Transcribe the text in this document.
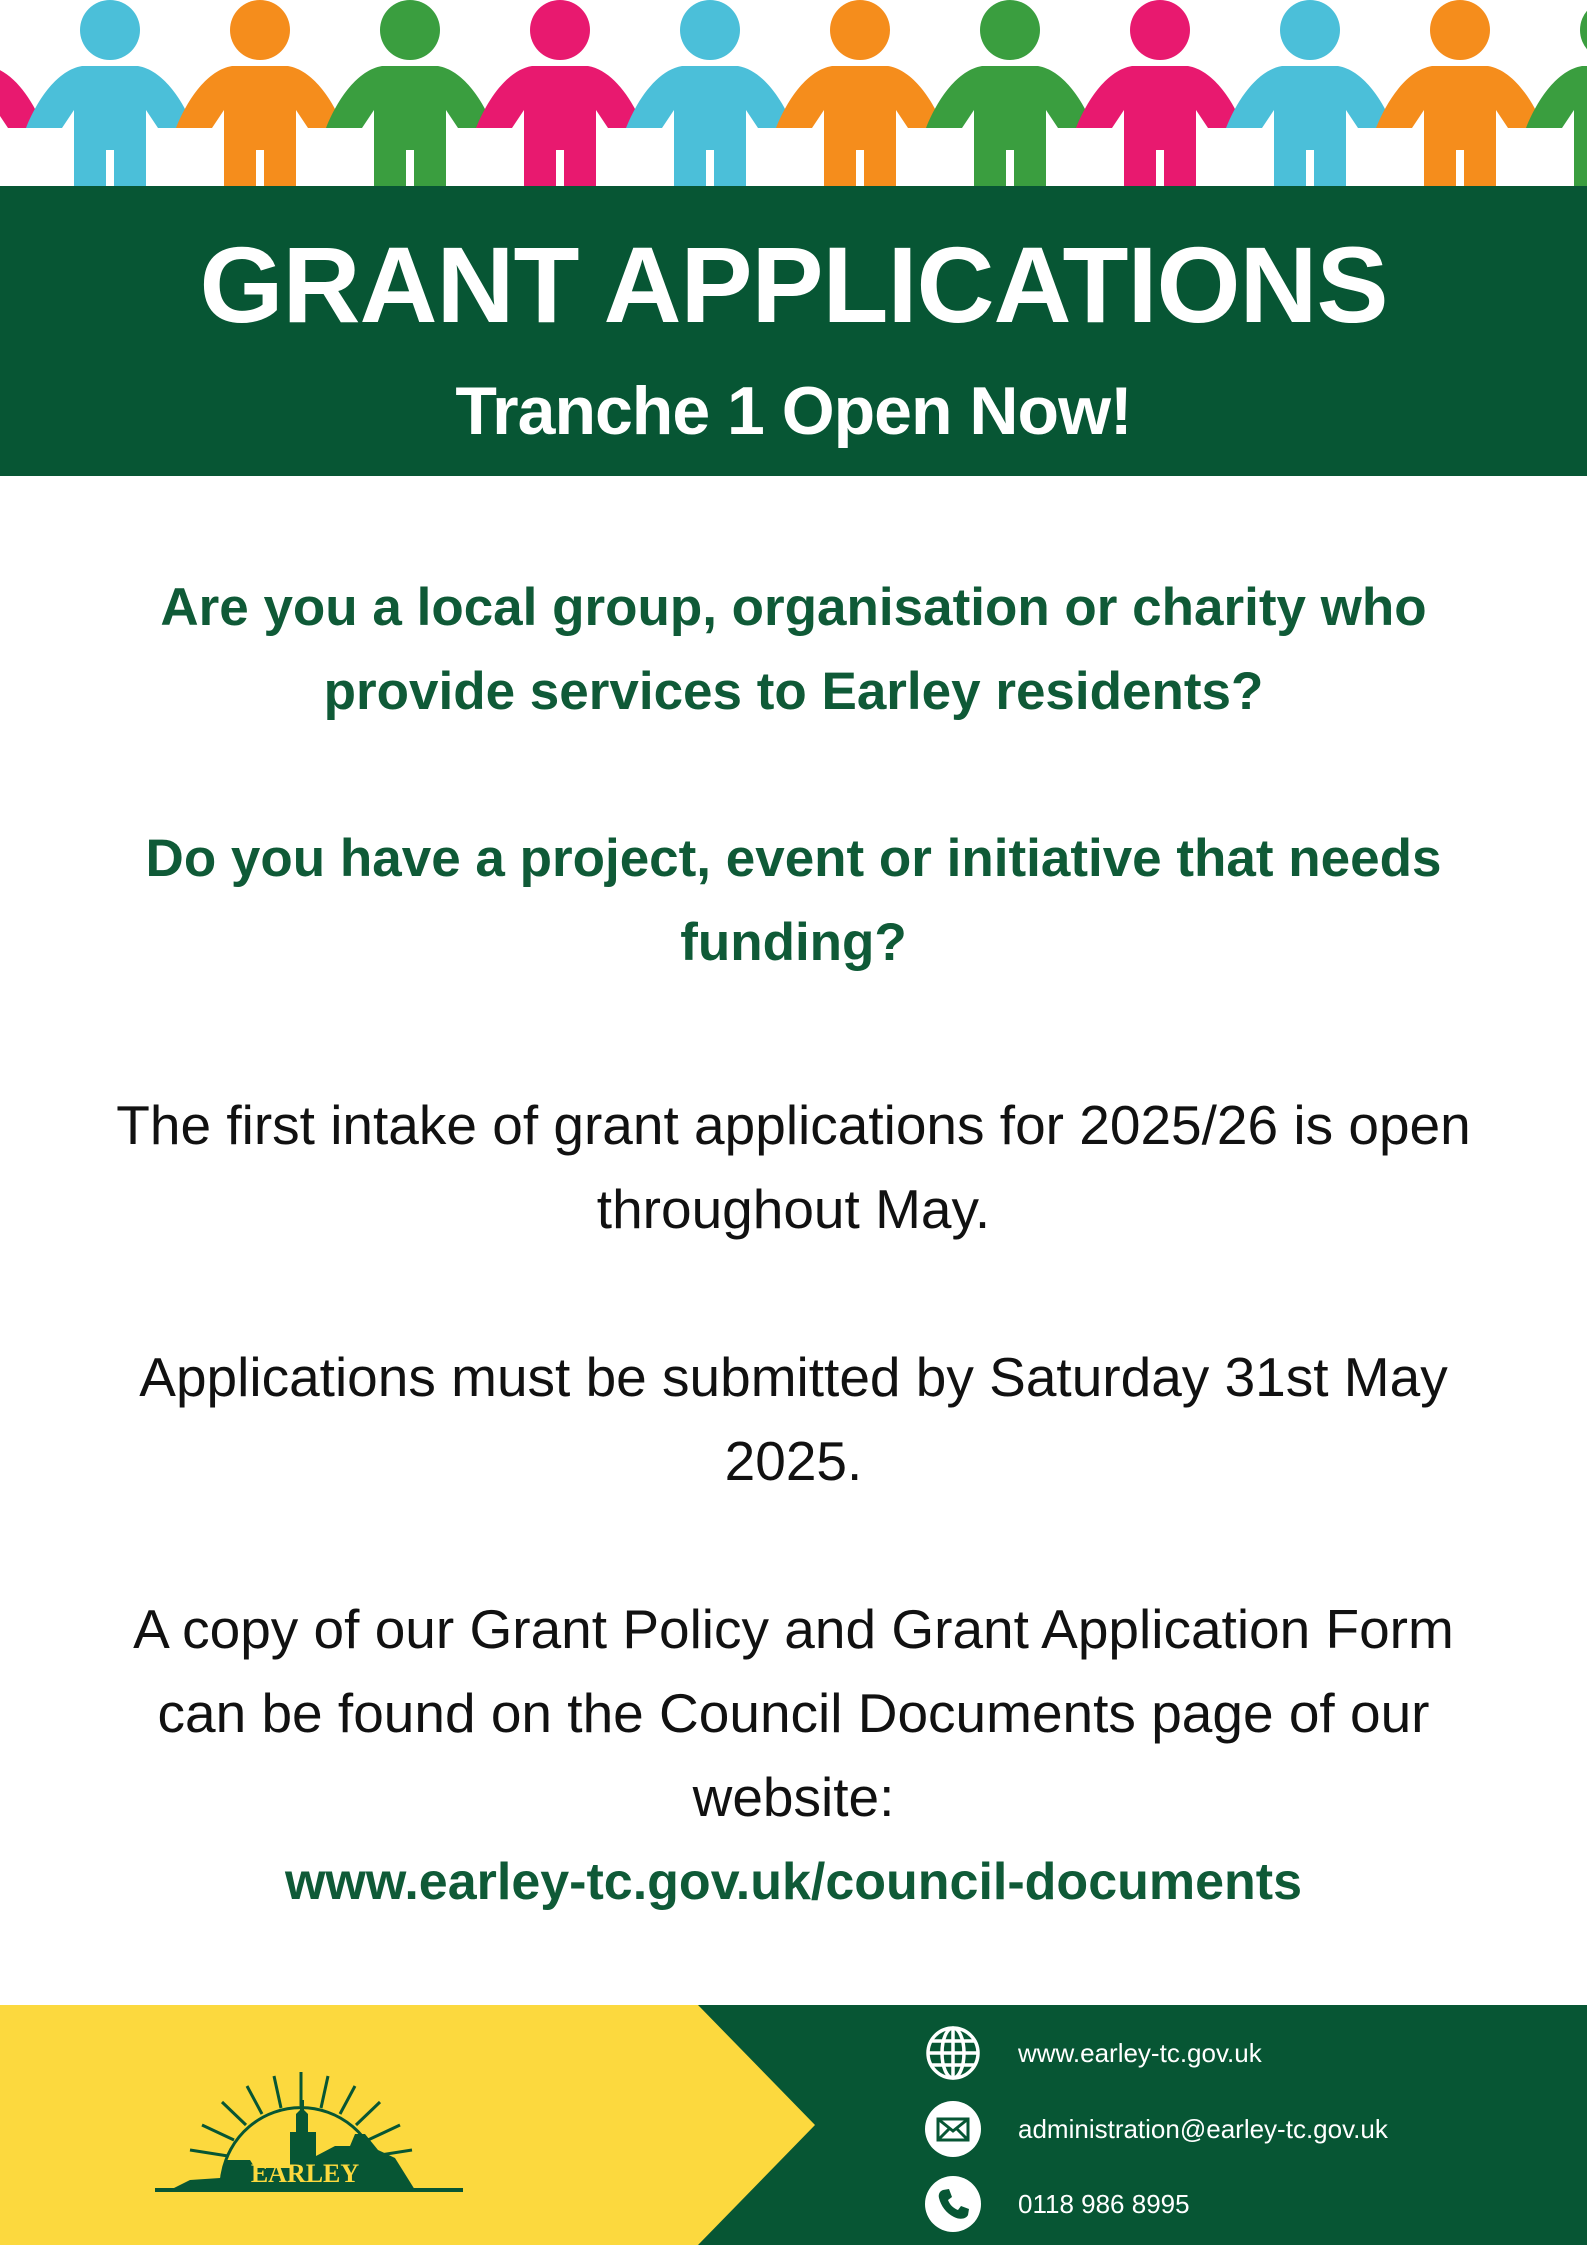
GRANT APPLICATIONS
Tranche 1 Open Now!
Are you a local group, organisation or charity who provide services to Earley residents?
Do you have a project, event or initiative that needs funding?
The first intake of grant applications for 2025/26 is open throughout May.
Applications must be submitted by Saturday 31st May 2025.
A copy of our Grant Policy and Grant Application Form can be found on the Council Documents page of our website:
www.earley-tc.gov.uk/council-documents
EARLEY
www.earley-tc.gov.uk
administration@earley-tc.gov.uk
0118 986 8995
